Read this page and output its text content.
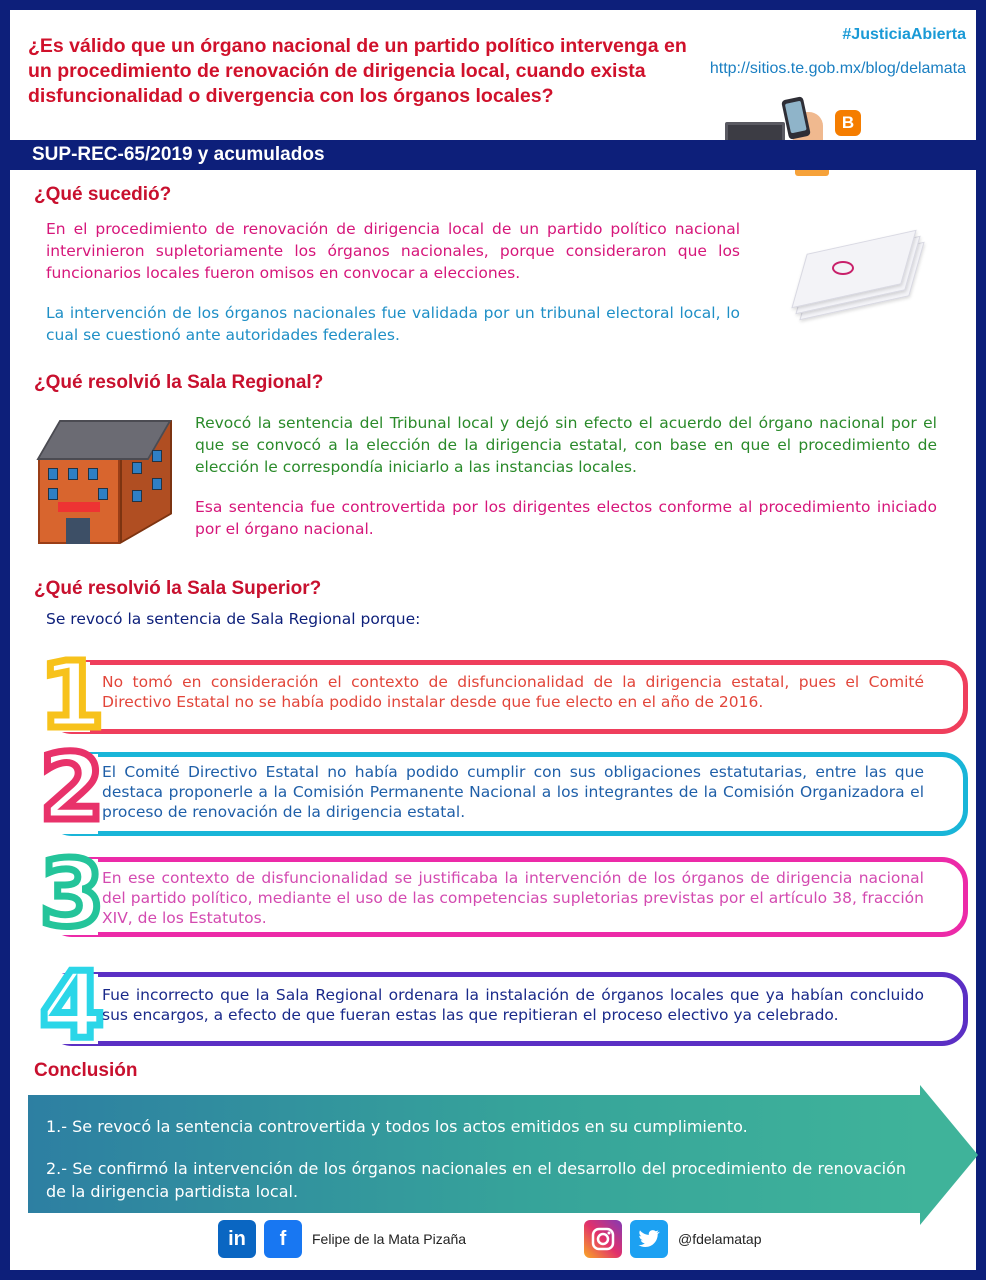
¿Es válido que un órgano nacional de un partido político intervenga en un procedimiento de renovación de dirigencia local, cuando exista disfuncionalidad o divergencia con los órganos locales?
#JusticiaAbierta
http://sitios.te.gob.mx/blog/delamata
B
SUP-REC-65/2019 y acumulados
¿Qué sucedió?
En el procedimiento de renovación de dirigencia local de un partido político nacional intervinieron supletoriamente los órganos nacionales, porque consideraron que los funcionarios locales fueron omisos en convocar a elecciones.
La intervención de los órganos nacionales fue validada por un tribunal electoral local, lo cual se cuestionó ante autoridades federales.
¿Qué resolvió la Sala Regional?
Revocó la sentencia del Tribunal local y dejó sin efecto el acuerdo del órgano nacional por el que se convocó a la elección de la dirigencia estatal, con base en que el procedimiento de elección le correspondía iniciarlo a las instancias locales.
Esa sentencia fue controvertida por los dirigentes electos conforme al procedimiento iniciado por el órgano nacional.
¿Qué resolvió la Sala Superior?
Se revocó la sentencia de Sala Regional porque:
1
2
3
4
No tomó en consideración el contexto de disfuncionalidad de la dirigencia estatal, pues el Comité Directivo Estatal no se había podido instalar desde que fue electo en el año de 2016.
El Comité Directivo Estatal no había podido cumplir con sus obligaciones estatutarias, entre las que destaca proponerle a la Comisión Permanente Nacional a los integrantes de la Comisión Organizadora el proceso de renovación de la dirigencia estatal.
En ese contexto de disfuncionalidad se justificaba la intervención de los órganos de dirigencia nacional del partido político, mediante el uso de las competencias supletorias previstas por el artículo 38, fracción XIV, de los Estatutos.
Fue incorrecto que la Sala Regional ordenara la instalación de órganos locales que ya habían concluido sus encargos, a efecto de que fueran estas las que repitieran el proceso electivo ya celebrado.
Conclusión
1.- Se revocó la sentencia controvertida y todos los actos emitidos en su cumplimiento.
2.- Se confirmó la intervención de los órganos nacionales en el desarrollo del procedimiento de renovación de la dirigencia partidista local.
in	f	Felipe de la Mata Pizaña	@fdelamatap
